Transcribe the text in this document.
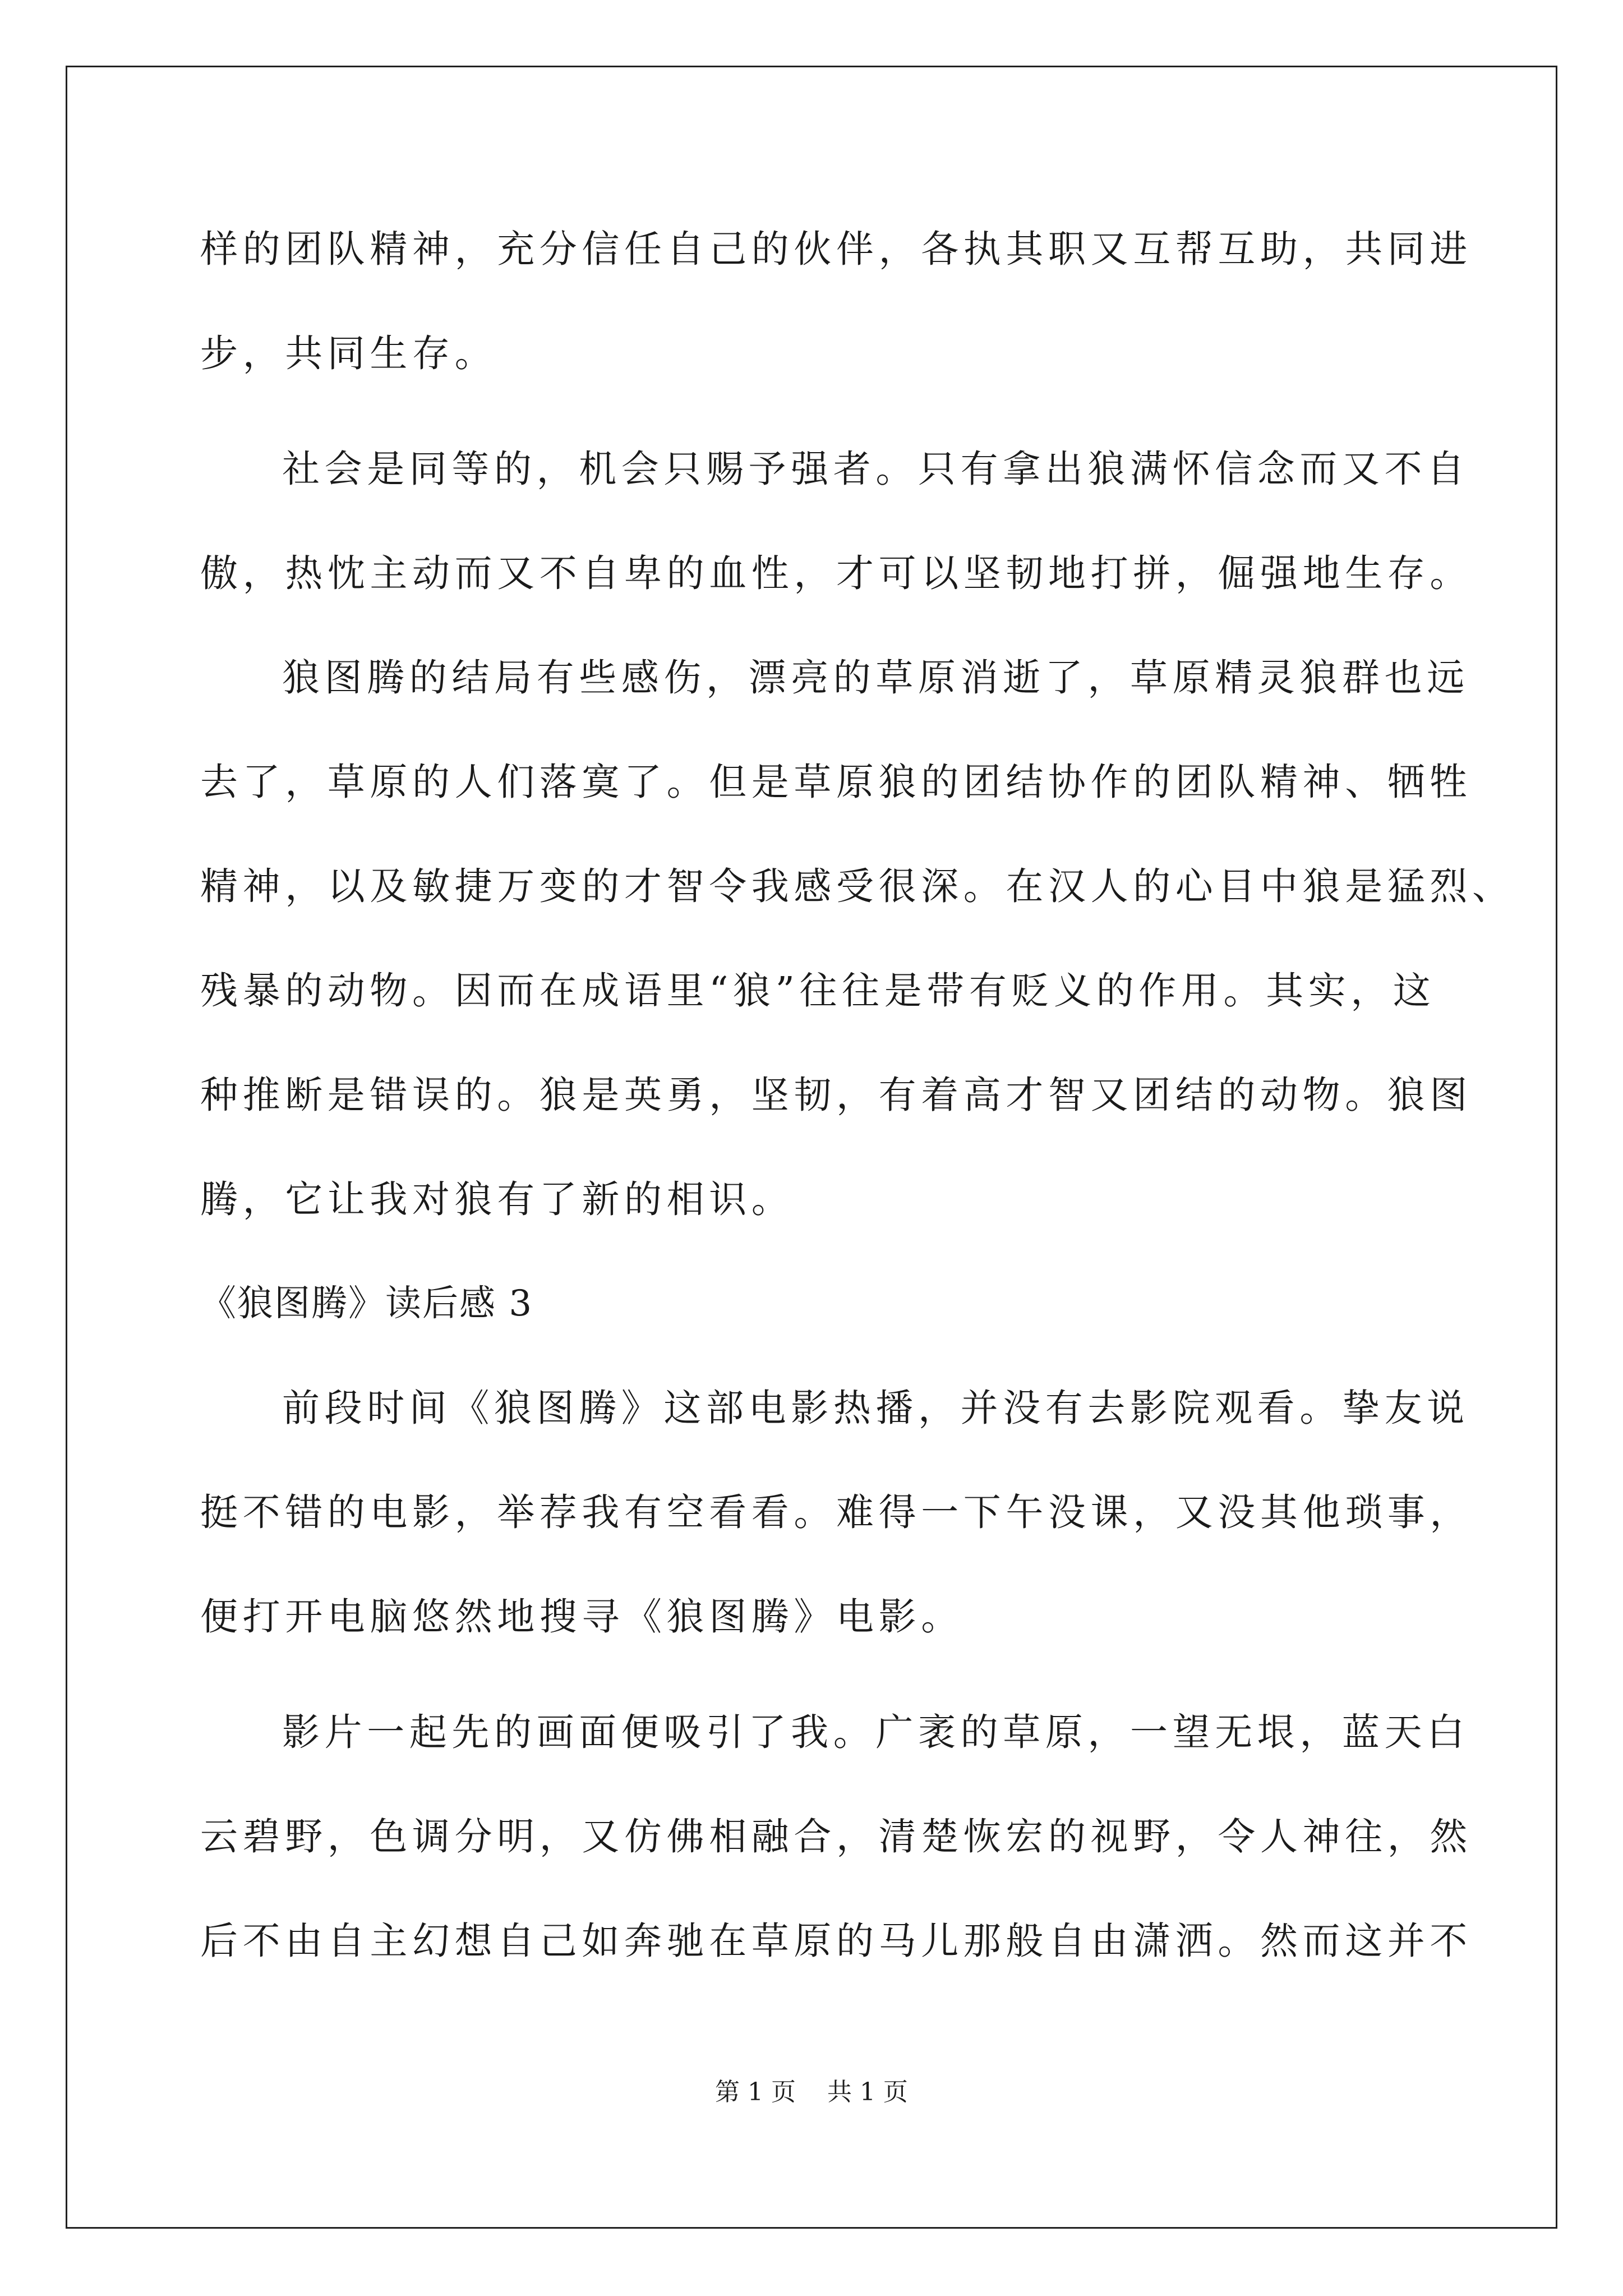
样的团队精神，充分信任自己的伙伴，各执其职又互帮互助，共同进
步，共同生存。
社会是同等的，机会只赐予强者。只有拿出狼满怀信念而又不自
傲，热忱主动而又不自卑的血性，才可以坚韧地打拼，倔强地生存。
狼图腾的结局有些感伤，漂亮的草原消逝了，草原精灵狼群也远
去了，草原的人们落寞了。但是草原狼的团结协作的团队精神、牺牲
精神，以及敏捷万变的才智令我感受很深。在汉人的心目中狼是猛烈、
残暴的动物。因而在成语里“狼”往往是带有贬义的作用。其实，这
种推断是错误的。狼是英勇，坚韧，有着高才智又团结的动物。狼图
腾，它让我对狼有了新的相识。
《狼图腾》读后感 3
前段时间《狼图腾》这部电影热播，并没有去影院观看。挚友说
挺不错的电影，举荐我有空看看。难得一下午没课，又没其他琐事，
便打开电脑悠然地搜寻《狼图腾》电影。
影片一起先的画面便吸引了我。广袤的草原，一望无垠，蓝天白
云碧野，色调分明，又仿佛相融合，清楚恢宏的视野，令人神往，然
后不由自主幻想自己如奔驰在草原的马儿那般自由潇洒。然而这并不
第 1 页    共 1 页
